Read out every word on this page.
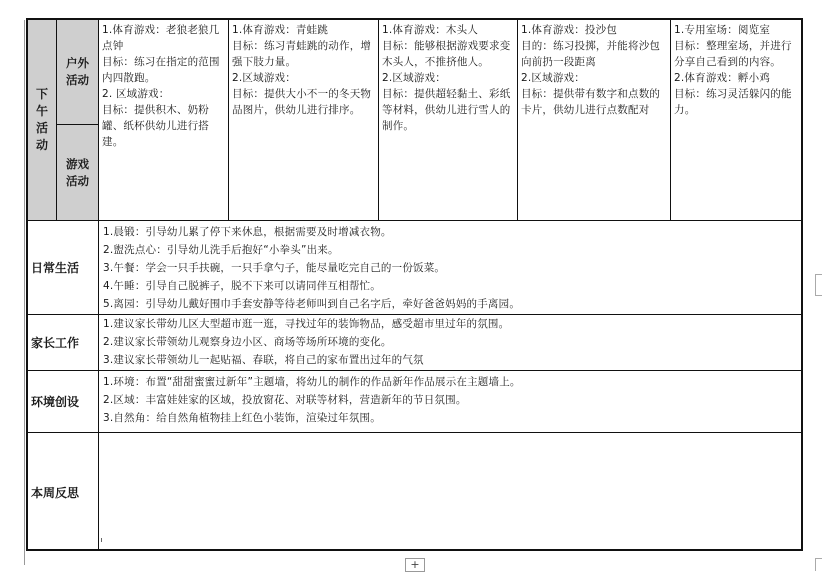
下
午
活
动
户外
活动
游戏
活动
1.体育游戏：老狼老狼几点钟
目标：练习在指定的范围内四散跑。
2. 区域游戏：
目标：提供积木、奶粉罐、纸杯供幼儿进行搭建。
1.体育游戏：青蛙跳
目标：练习青蛙跳的动作，增强下肢力量。
2.区域游戏：
目标：提供大小不一的冬天物品图片，供幼儿进行排序。
1.体育游戏：木头人
目标：能够根据游戏要求变木头人，不推挤他人。
2.区域游戏：
目标：提供超轻黏土、彩纸等材料，供幼儿进行雪人的制作。
1.体育游戏：投沙包
目的：练习投掷，并能将沙包向前扔一段距离
2.区域游戏：
目标：提供带有数字和点数的卡片，供幼儿进行点数配对
1.专用室场：阅览室
目标：整理室场，并进行分享自己看到的内容。
2.体育游戏：孵小鸡
目标：练习灵活躲闪的能力。
日常生活
1.晨锻：引导幼儿累了停下来休息，根据需要及时增减衣物。
2.盥洗点心：引导幼儿洗手后抱好“小拳头”出来。
3.午餐：学会一只手扶碗，一只手拿勺子，能尽量吃完自己的一份饭菜。
4.午睡：引导自己脱裤子，脱不下来可以请同伴互相帮忙。
5.离园：引导幼儿戴好围巾手套安静等待老师叫到自己名字后，牵好爸爸妈妈的手离园。
家长工作
1.建议家长带幼儿区大型超市逛一逛，寻找过年的装饰物品，感受超市里过年的氛围。
2.建议家长带领幼儿观察身边小区、商场等场所环境的变化。
3.建议家长带领幼儿一起贴福、春联，将自己的家布置出过年的气氛
环境创设
1.环境：布置“甜甜蜜蜜过新年”主题墙，将幼儿的制作的作品新年作品展示在主题墙上。
2.区域：丰富娃娃家的区域，投放窗花、对联等材料，营造新年的节日氛围。
3.自然角：给自然角植物挂上红色小装饰，渲染过年氛围。
本周反思
+
